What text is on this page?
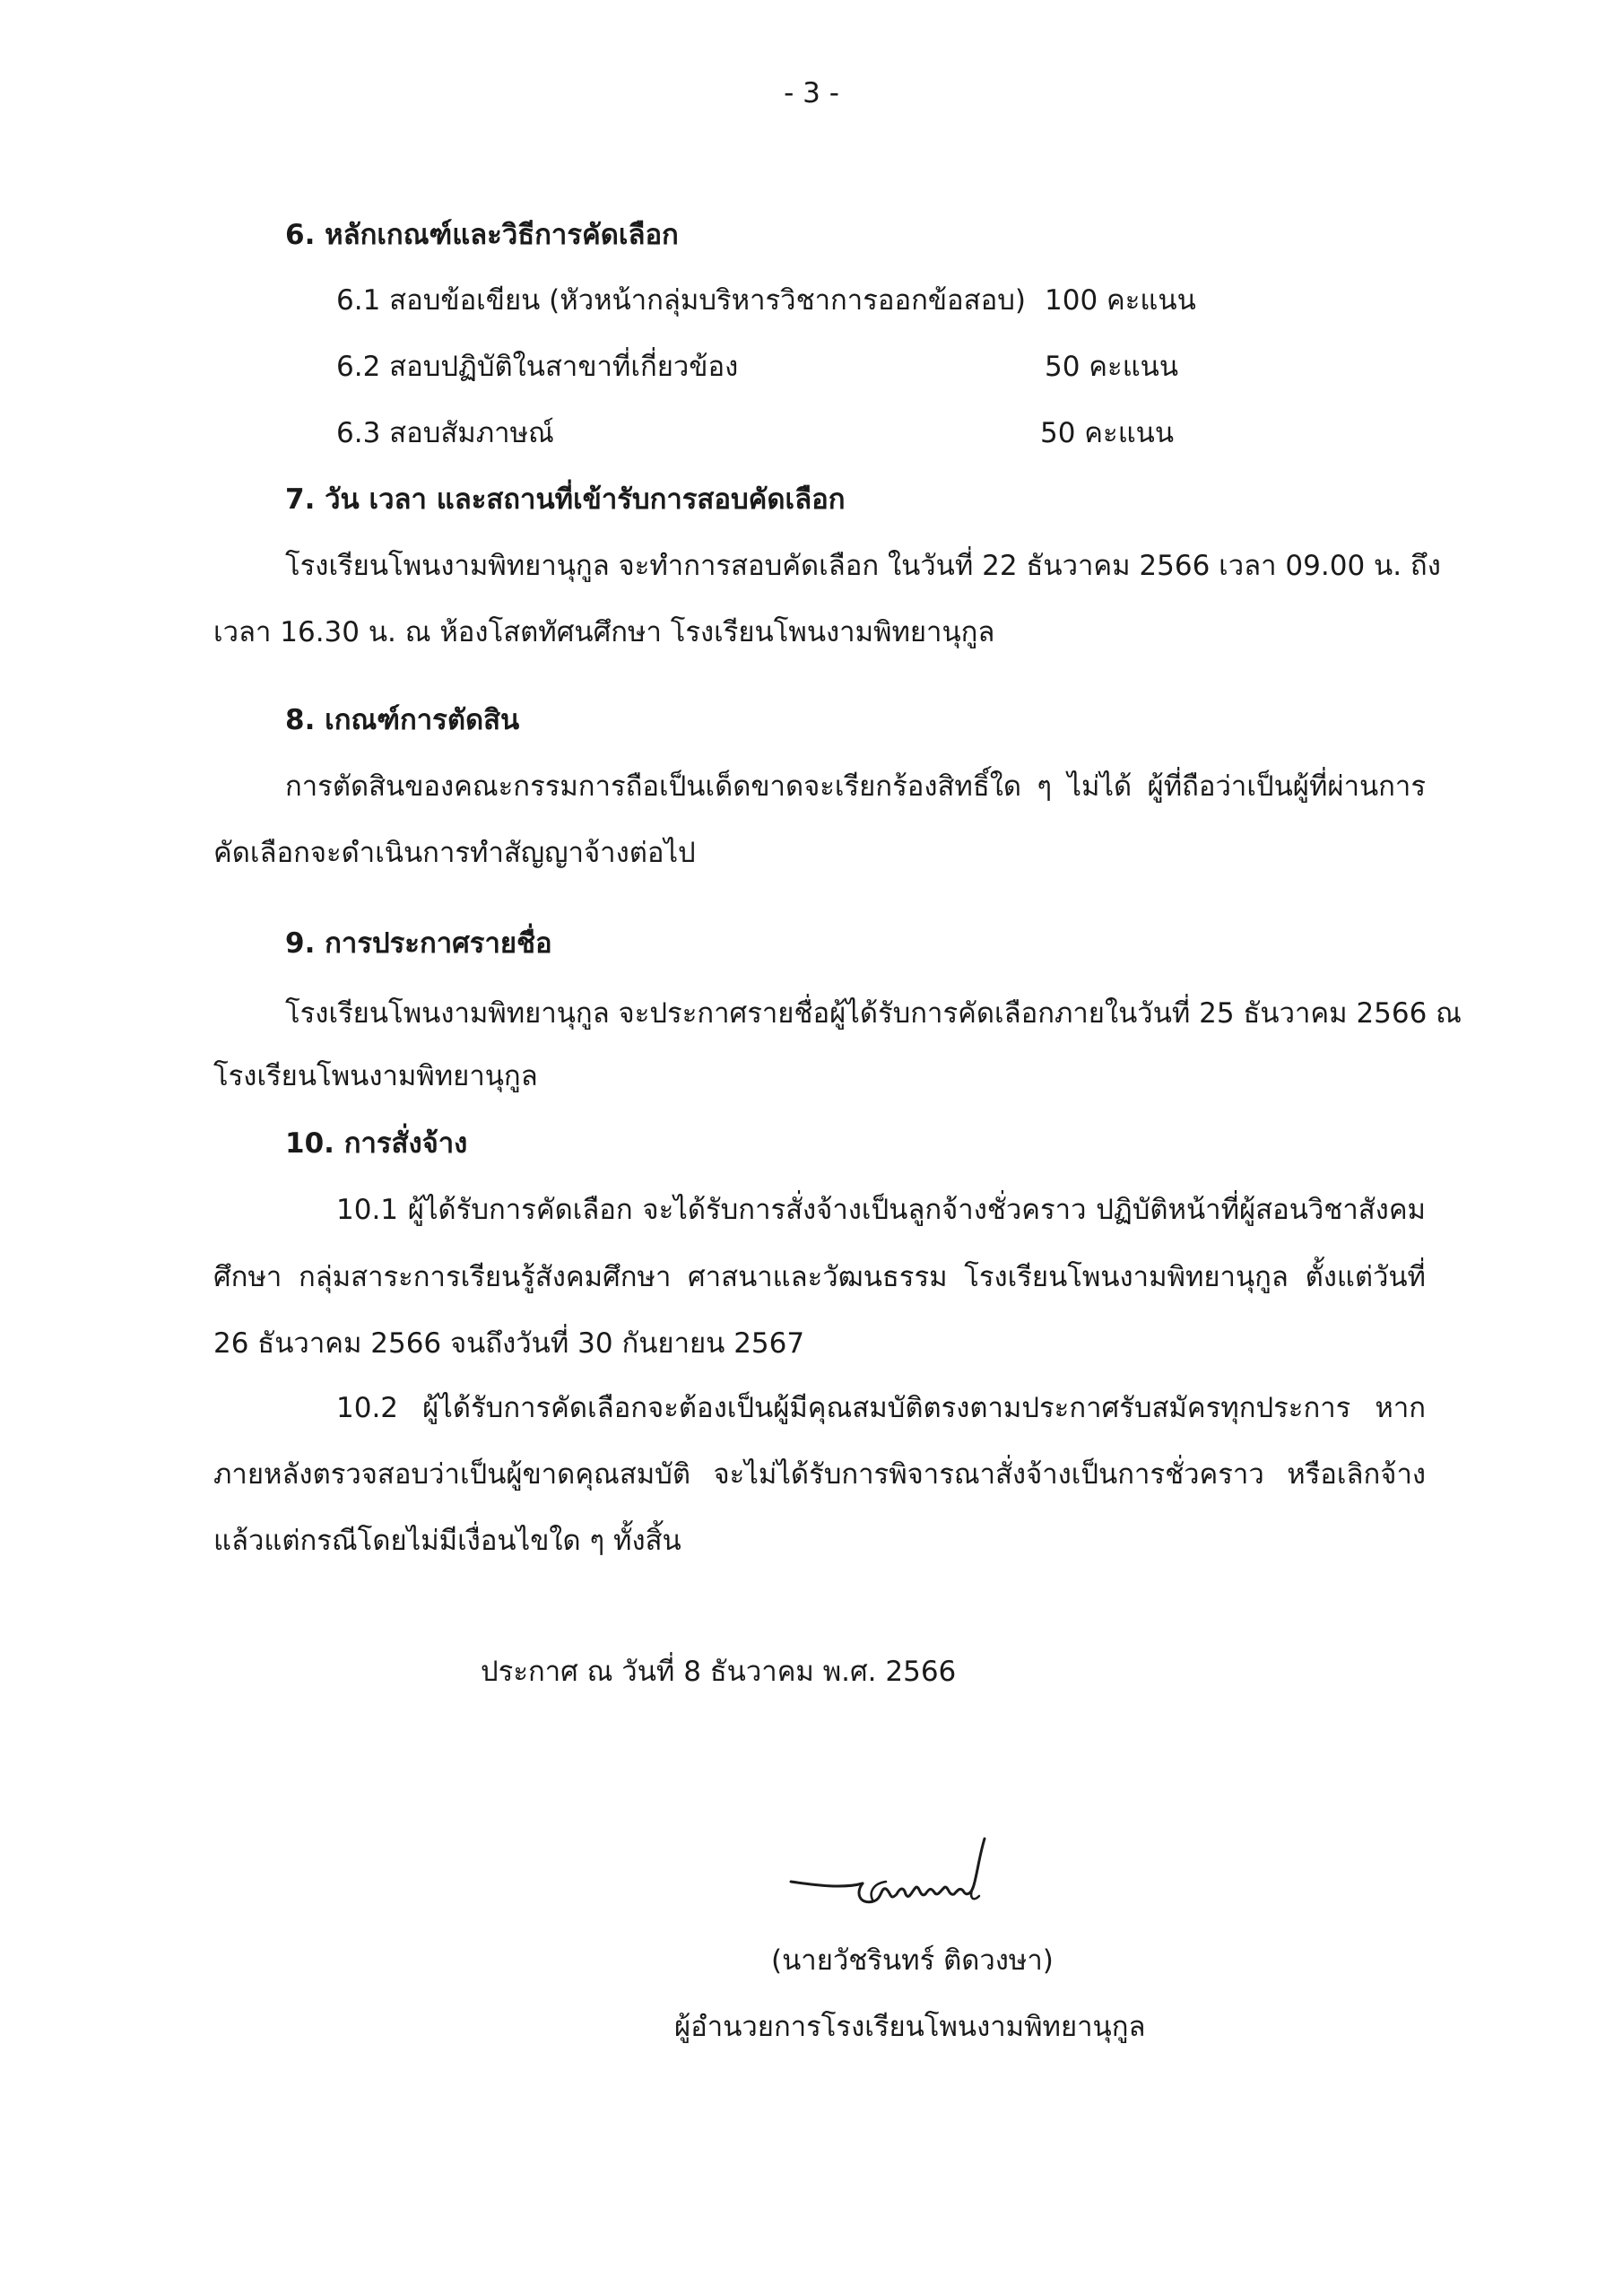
- 3 -
6. หลักเกณฑ์และวิธีการคัดเลือก
6.1 สอบข้อเขียน (หัวหน้ากลุ่มบริหารวิชาการออกข้อสอบ) 100 คะแนน
6.2 สอบปฏิบัติในสาขาที่เกี่ยวข้อง	50 คะแนน
6.3 สอบสัมภาษณ์	50 คะแนน
7. วัน เวลา และสถานที่เข้ารับการสอบคัดเลือก
โรงเรียนโพนงามพิทยานุกูล จะทำการสอบคัดเลือก ในวันที่ 22 ธันวาคม 2566 เวลา 09.00 น. ถึง
เวลา 16.30 น. ณ ห้องโสตทัศนศึกษา โรงเรียนโพนงามพิทยานุกูล
8. เกณฑ์การตัดสิน
การตัดสินของคณะกรรมการถือเป็นเด็ดขาดจะเรียกร้องสิทธิ์ใด ๆ ไม่ได้ ผู้ที่ถือว่าเป็นผู้ที่ผ่านการ
คัดเลือกจะดำเนินการทำสัญญาจ้างต่อไป
9. การประกาศรายชื่อ
โรงเรียนโพนงามพิทยานุกูล จะประกาศรายชื่อผู้ได้รับการคัดเลือกภายในวันที่ 25 ธันวาคม 2566 ณ
โรงเรียนโพนงามพิทยานุกูล
10. การสั่งจ้าง
10.1 ผู้ได้รับการคัดเลือก จะได้รับการสั่งจ้างเป็นลูกจ้างชั่วคราว ปฏิบัติหน้าที่ผู้สอนวิชาสังคม
ศึกษา กลุ่มสาระการเรียนรู้สังคมศึกษา ศาสนาและวัฒนธรรม โรงเรียนโพนงามพิทยานุกูล ตั้งแต่วันที่
26 ธันวาคม 2566 จนถึงวันที่ 30 กันยายน 2567
10.2 ผู้ได้รับการคัดเลือกจะต้องเป็นผู้มีคุณสมบัติตรงตามประกาศรับสมัครทุกประการ หาก
ภายหลังตรวจสอบว่าเป็นผู้ขาดคุณสมบัติ จะไม่ได้รับการพิจารณาสั่งจ้างเป็นการชั่วคราว หรือเลิกจ้าง
แล้วแต่กรณีโดยไม่มีเงื่อนไขใด ๆ ทั้งสิ้น
ประกาศ ณ วันที่ 8 ธันวาคม พ.ศ. 2566
(นายวัชรินทร์ ติดวงษา)
ผู้อำนวยการโรงเรียนโพนงามพิทยานุกูล
